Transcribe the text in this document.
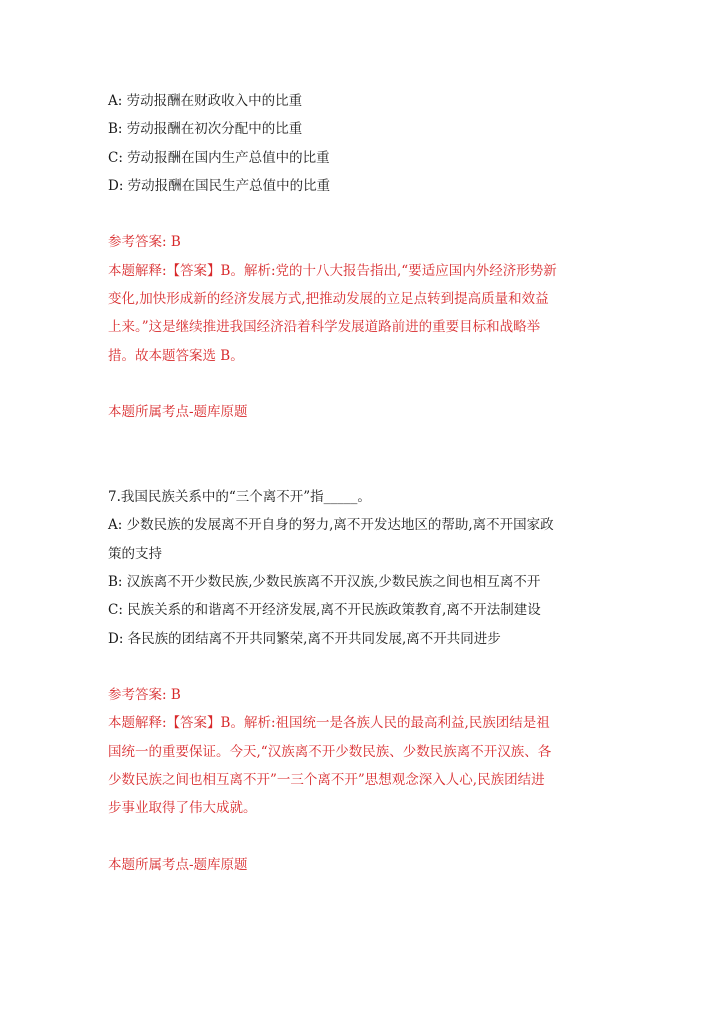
A: 劳动报酬在财政收入中的比重
B: 劳动报酬在初次分配中的比重
C: 劳动报酬在国内生产总值中的比重
D: 劳动报酬在国民生产总值中的比重
参考答案: B
本题解释:【答案】B。解析:党的十八大报告指出,“要适应国内外经济形势新
变化,加快形成新的经济发展方式,把推动发展的立足点转到提高质量和效益
上来。”这是继续推进我国经济沿着科学发展道路前进的重要目标和战略举
措。故本题答案选 B。
本题所属考点-题库原题
7.我国民族关系中的“三个离不开”指_____。
A: 少数民族的发展离不开自身的努力,离不开发达地区的帮助,离不开国家政
策的支持
B: 汉族离不开少数民族,少数民族离不开汉族,少数民族之间也相互离不开
C: 民族关系的和谐离不开经济发展,离不开民族政策教育,离不开法制建设
D: 各民族的团结离不开共同繁荣,离不开共同发展,离不开共同进步
参考答案: B
本题解释:【答案】B。解析:祖国统一是各族人民的最高利益,民族团结是祖
国统一的重要保证。今天,“汉族离不开少数民族、少数民族离不开汉族、各
少数民族之间也相互离不开”一三个离不开”思想观念深入人心,民族团结进
步事业取得了伟大成就。
本题所属考点-题库原题
